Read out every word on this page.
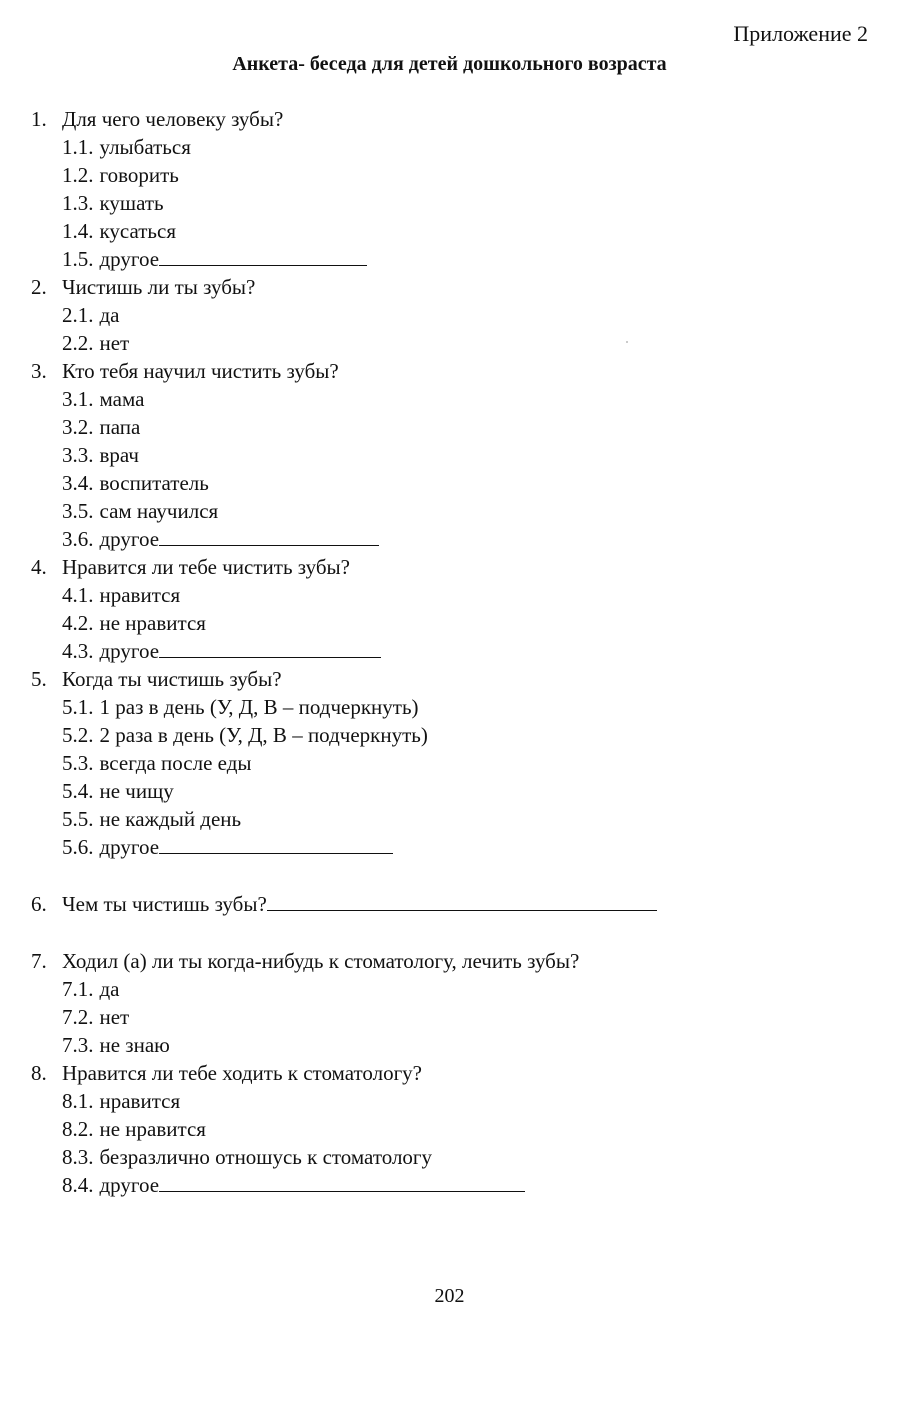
Приложение 2
Анкета- беседа для детей дошкольного возраста
1. Для чего человеку зубы?
1.1. улыбаться
1.2. говорить
1.3. кушать
1.4. кусаться
1.5. другое
2. Чистишь ли ты зубы?
2.1. да
2.2. нет
3. Кто тебя научил чистить зубы?
3.1. мама
3.2. папа
3.3. врач
3.4. воспитатель
3.5. сам научился
3.6. другое
4. Нравится ли тебе чистить зубы?
4.1. нравится
4.2. не нравится
4.3. другое
5. Когда ты чистишь зубы?
5.1. 1 раз в день (У, Д, В – подчеркнуть)
5.2. 2 раза в день (У, Д, В – подчеркнуть)
5.3. всегда после еды
5.4. не чищу
5.5. не каждый день
5.6. другое
6. Чем ты чистишь зубы?
7. Ходил (а) ли ты когда-нибудь к стоматологу, лечить зубы?
7.1. да
7.2. нет
7.3. не знаю
8. Нравится ли тебе ходить к стоматологу?
8.1. нравится
8.2. не нравится
8.3. безразлично отношусь к стоматологу
8.4. другое
202
